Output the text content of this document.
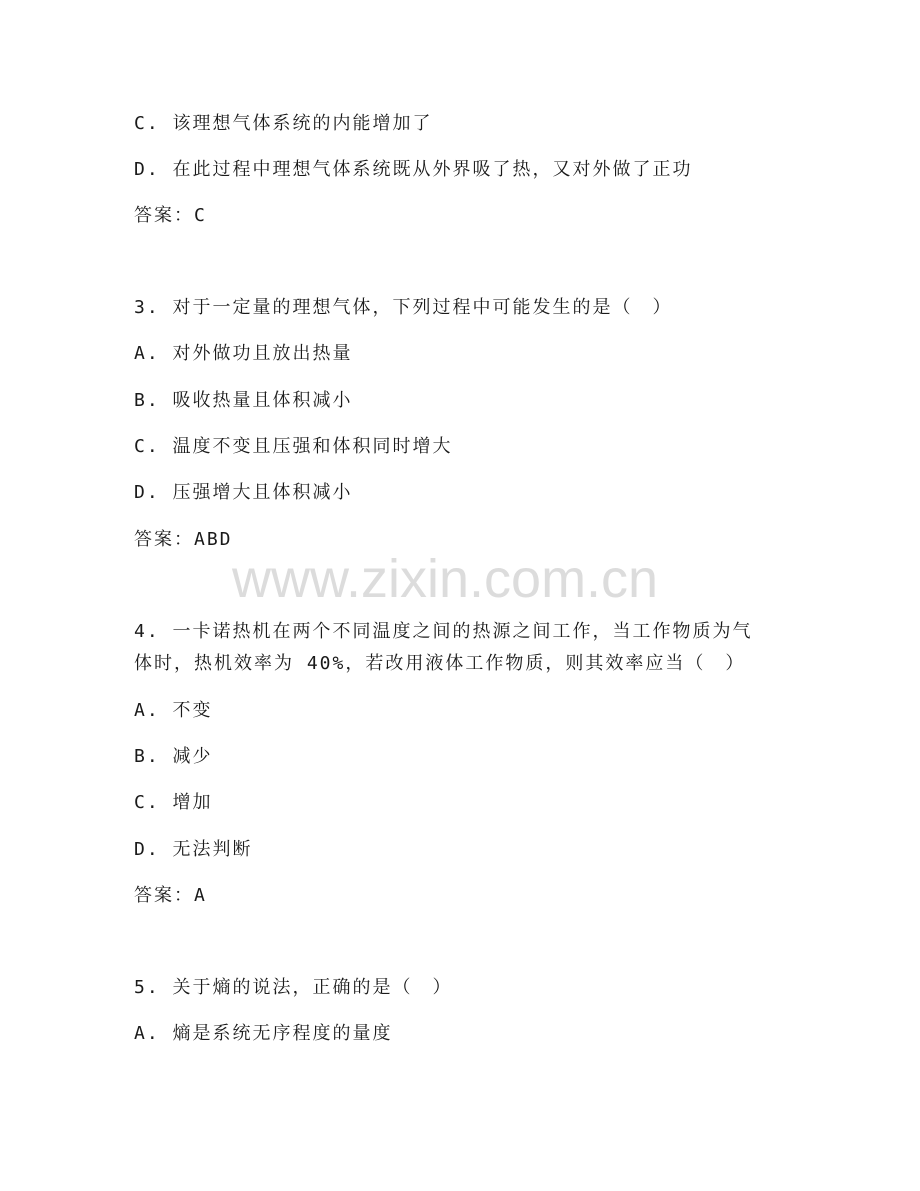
C. 该理想气体系统的内能增加了
D. 在此过程中理想气体系统既从外界吸了热，又对外做了正功
答案：C
3. 对于一定量的理想气体，下列过程中可能发生的是（　）
A. 对外做功且放出热量
B. 吸收热量且体积减小
C. 温度不变且压强和体积同时增大
D. 压强增大且体积减小
答案：ABD
www.zixin.com.cn
4. 一卡诺热机在两个不同温度之间的热源之间工作，当工作物质为气
体时，热机效率为 40%，若改用液体工作物质，则其效率应当（　）
A. 不变
B. 减少
C. 增加
D. 无法判断
答案：A
5. 关于熵的说法，正确的是（　）
A. 熵是系统无序程度的量度
